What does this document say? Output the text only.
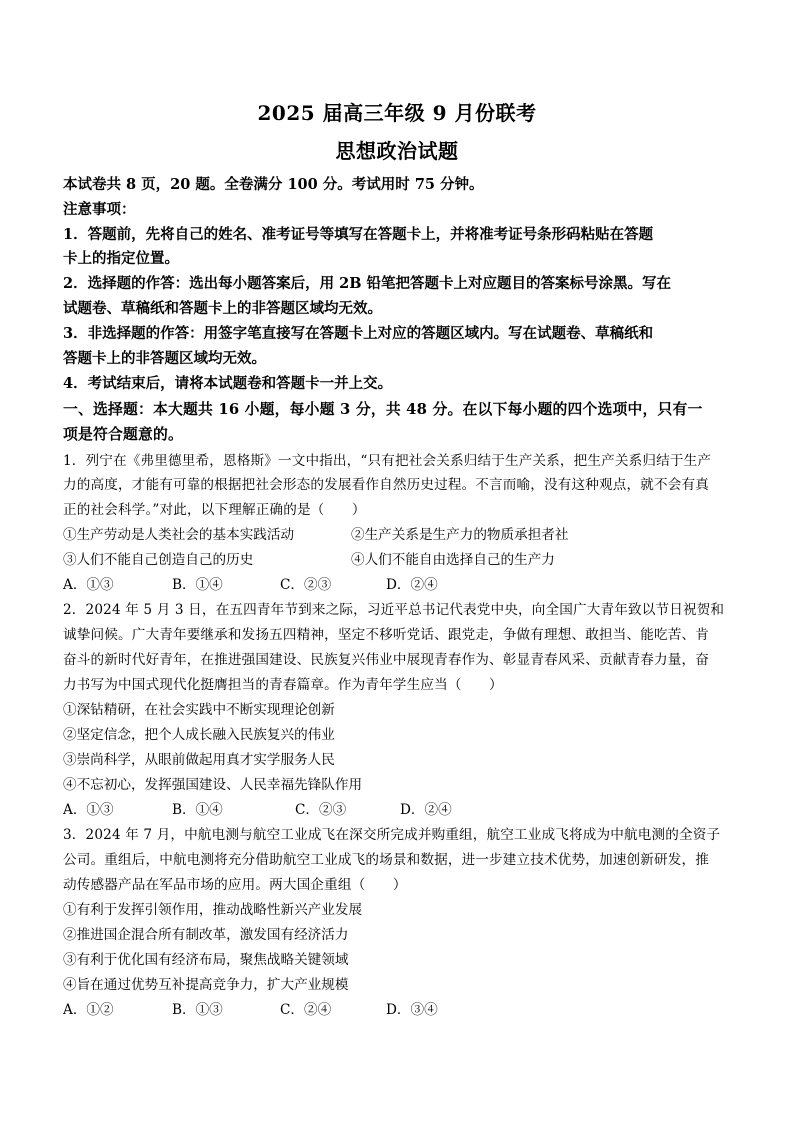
2025 届高三年级 9 月份联考
思想政治试题
本试卷共 8 页，20 题。全卷满分 100 分。考试用时 75 分钟。
注意事项：
1．答题前，先将自己的姓名、准考证号等填写在答题卡上，并将准考证号条形码粘贴在答题
卡上的指定位置。
2．选择题的作答：选出每小题答案后，用 2B 铅笔把答题卡上对应题目的答案标号涂黑。写在
试题卷、草稿纸和答题卡上的非答题区域均无效。
3．非选择题的作答：用签字笔直接写在答题卡上对应的答题区域内。写在试题卷、草稿纸和
答题卡上的非答题区域均无效。
4．考试结束后，请将本试题卷和答题卡一并上交。
一、选择题：本大题共 16 小题，每小题 3 分，共 48 分。在以下每小题的四个选项中，只有一
项是符合题意的。
1．列宁在《弗里德里希，恩格斯》一文中指出，“只有把社会关系归结于生产关系，把生产关系归结于生产
力的高度，才能有可靠的根据把社会形态的发展看作自然历史过程。不言而喻，没有这种观点，就不会有真
正的社会科学。”对此，以下理解正确的是（　　）
①生产劳动是人类社会的基本实践活动	②生产关系是生产力的物质承担者社
③人们不能自己创造自己的历史	④人们不能自由选择自己的生产力
A．①③	B．①④	C．②③	D．②④
2．2024 年 5 月 3 日，在五四青年节到来之际，习近平总书记代表党中央，向全国广大青年致以节日祝贺和
诚挚问候。广大青年要继承和发扬五四精神，坚定不移听党话、跟党走，争做有理想、敢担当、能吃苦、肯
奋斗的新时代好青年，在推进强国建设、民族复兴伟业中展现青春作为、彰显青春风采、贡献青春力量，奋
力书写为中国式现代化挺膺担当的青春篇章。作为青年学生应当（　　）
①深钻精研，在社会实践中不断实现理论创新
②坚定信念，把个人成长融入民族复兴的伟业
③崇尚科学，从眼前做起用真才实学服务人民
④不忘初心，发挥强国建设、人民幸福先锋队作用
A．①③	B．①④	C．②③	D．②④
3．2024 年 7 月，中航电测与航空工业成飞在深交所完成并购重组，航空工业成飞将成为中航电测的全资子
公司。重组后，中航电测将充分借助航空工业成飞的场景和数据，进一步建立技术优势，加速创新研发，推
动传感器产品在军品市场的应用。两大国企重组（　　）
①有利于发挥引领作用，推动战略性新兴产业发展
②推进国企混合所有制改革，激发国有经济活力
③有利于优化国有经济布局，聚焦战略关键领域
④旨在通过优势互补提高竞争力，扩大产业规模
A．①②	B．①③	C．②④	D．③④
